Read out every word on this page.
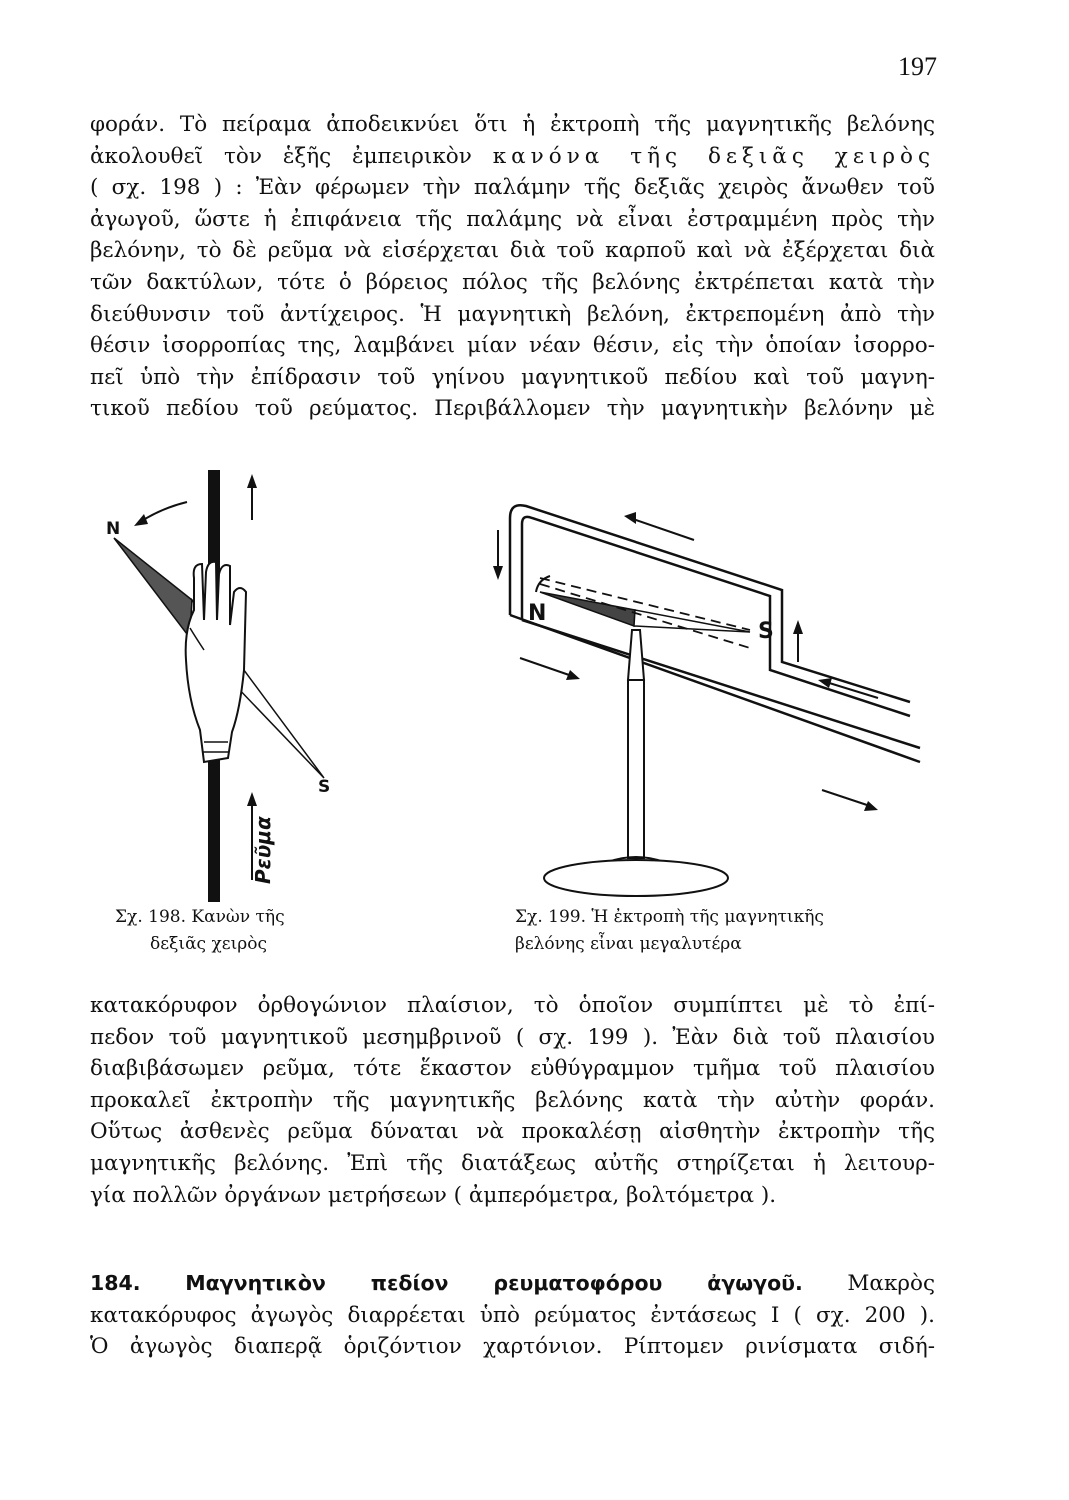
197

φοράν. Τὸ πείραμα ἀποδεικνύει ὅτι ἡ ἐκτροπὴ τῆς μαγνητικῆς βελόνης

ἀκολουθεῖ τὸν ἑξῆς ἐμπειρικὸν κανόνα τῆς δεξιᾶς χειρὸς

( σχ. 198 ) : Ἐὰν φέρωμεν τὴν παλάμην τῆς δεξιᾶς χειρὸς ἄνωθεν τοῦ

ἀγωγοῦ, ὥστε ἡ ἐπιφάνεια τῆς παλάμης νὰ εἶναι ἐστραμμένη πρὸς τὴν

βελόνην, τὸ δὲ ρεῦμα νὰ εἰσέρχεται διὰ τοῦ καρποῦ καὶ νὰ ἐξέρχεται διὰ

τῶν δακτύλων, τότε ὁ βόρειος πόλος τῆς βελόνης ἐκτρέπεται κατὰ τὴν

διεύθυνσιν τοῦ ἀντίχειρος. Ἡ μαγνητικὴ βελόνη, ἐκτρεπομένη ἀπὸ τὴν

θέσιν ἰσορροπίας της, λαμβάνει μίαν νέαν θέσιν, εἰς τὴν ὁποίαν ἰσορρο-

πεῖ ὑπὸ τὴν ἐπίδρασιν τοῦ γηίνου μαγνητικοῦ πεδίου καὶ τοῦ μαγνη-

τικοῦ πεδίου τοῦ ρεύματος. Περιβάλλομεν τὴν μαγνητικὴν βελόνην μὲ

N
S
Ρεῦμα
N
S
Σχ. 198. Κανὼν τῆς
δεξιᾶς χειρὸς
Σχ. 199. Ἡ ἐκτροπὴ τῆς μαγνητικῆς
βελόνης εἶναι μεγαλυτέρα

κατακόρυφον ὀρθογώνιον πλαίσιον, τὸ ὁποῖον συμπίπτει μὲ τὸ ἐπί-

πεδον τοῦ μαγνητικοῦ μεσημβρινοῦ ( σχ. 199 ). Ἐὰν διὰ τοῦ πλαισίου

διαβιβάσωμεν ρεῦμα, τότε ἕκαστον εὐθύγραμμον τμῆμα τοῦ πλαισίου

προκαλεῖ ἐκτροπὴν τῆς μαγνητικῆς βελόνης κατὰ τὴν αὐτὴν φοράν.

Οὕτως ἀσθενὲς ρεῦμα δύναται νὰ προκαλέσῃ αἰσθητὴν ἐκτροπὴν τῆς

μαγνητικῆς βελόνης. Ἐπὶ τῆς διατάξεως αὐτῆς στηρίζεται ἡ λειτουρ-

γία πολλῶν ὀργάνων μετρήσεων ( ἀμπερόμετρα, βολτόμετρα ).

184. Μαγνητικὸν πεδίον ρευματοφόρου ἀγωγοῦ. Μακρὸς

κατακόρυφος ἀγωγὸς διαρρέεται ὑπὸ ρεύματος ἐντάσεως Ι ( σχ. 200 ).

Ὁ ἀγωγὸς διαπερᾷ ὁριζόντιον χαρτόνιον. Ρίπτομεν ρινίσματα σιδή-
